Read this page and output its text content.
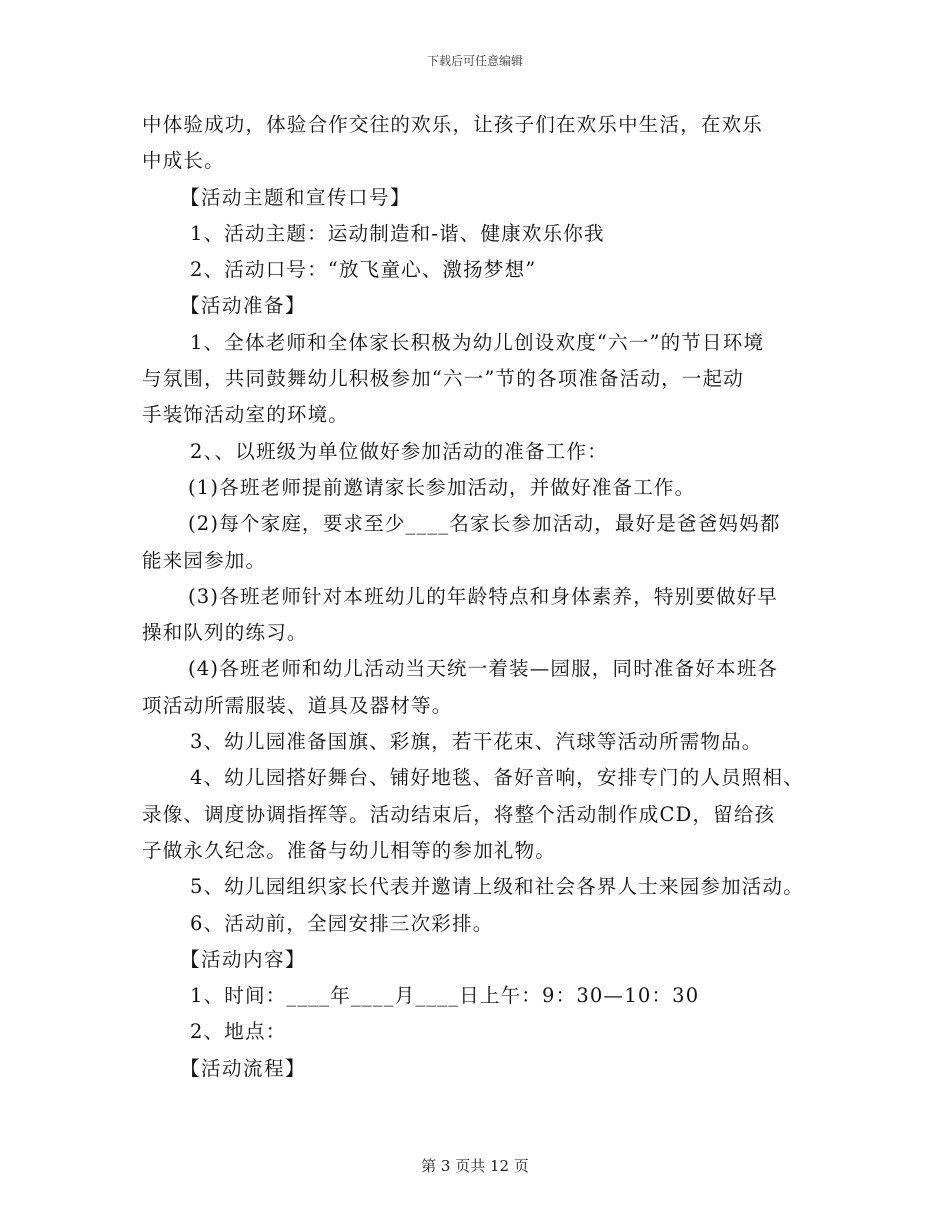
下载后可任意编辑
中体验成功，体验合作交往的欢乐，让孩子们在欢乐中生活，在欢乐
中成长。
【活动主题和宣传口号】
1、活动主题：运动制造和-谐、健康欢乐你我
2、活动口号：“放飞童心、激扬梦想”
【活动准备】
1、全体老师和全体家长积极为幼儿创设欢度“六一”的节日环境
与氛围，共同鼓舞幼儿积极参加“六一”节的各项准备活动，一起动
手装饰活动室的环境。
2、、以班级为单位做好参加活动的准备工作：
(1)各班老师提前邀请家长参加活动，并做好准备工作。
(2)每个家庭，要求至少____名家长参加活动，最好是爸爸妈妈都
能来园参加。
(3)各班老师针对本班幼儿的年龄特点和身体素养，特别要做好早
操和队列的练习。
(4)各班老师和幼儿活动当天统一着装—园服，同时准备好本班各
项活动所需服装、道具及器材等。
3、幼儿园准备国旗、彩旗，若干花束、汽球等活动所需物品。
4、幼儿园搭好舞台、铺好地毯、备好音响，安排专门的人员照相、
录像、调度协调指挥等。活动结束后，将整个活动制作成CD，留给孩
子做永久纪念。准备与幼儿相等的参加礼物。
5、幼儿园组织家长代表并邀请上级和社会各界人士来园参加活动。
6、活动前，全园安排三次彩排。
【活动内容】
1、时间：____年____月____日上午：9：30—10：30
2、地点：
【活动流程】
第 3 页共 12 页
